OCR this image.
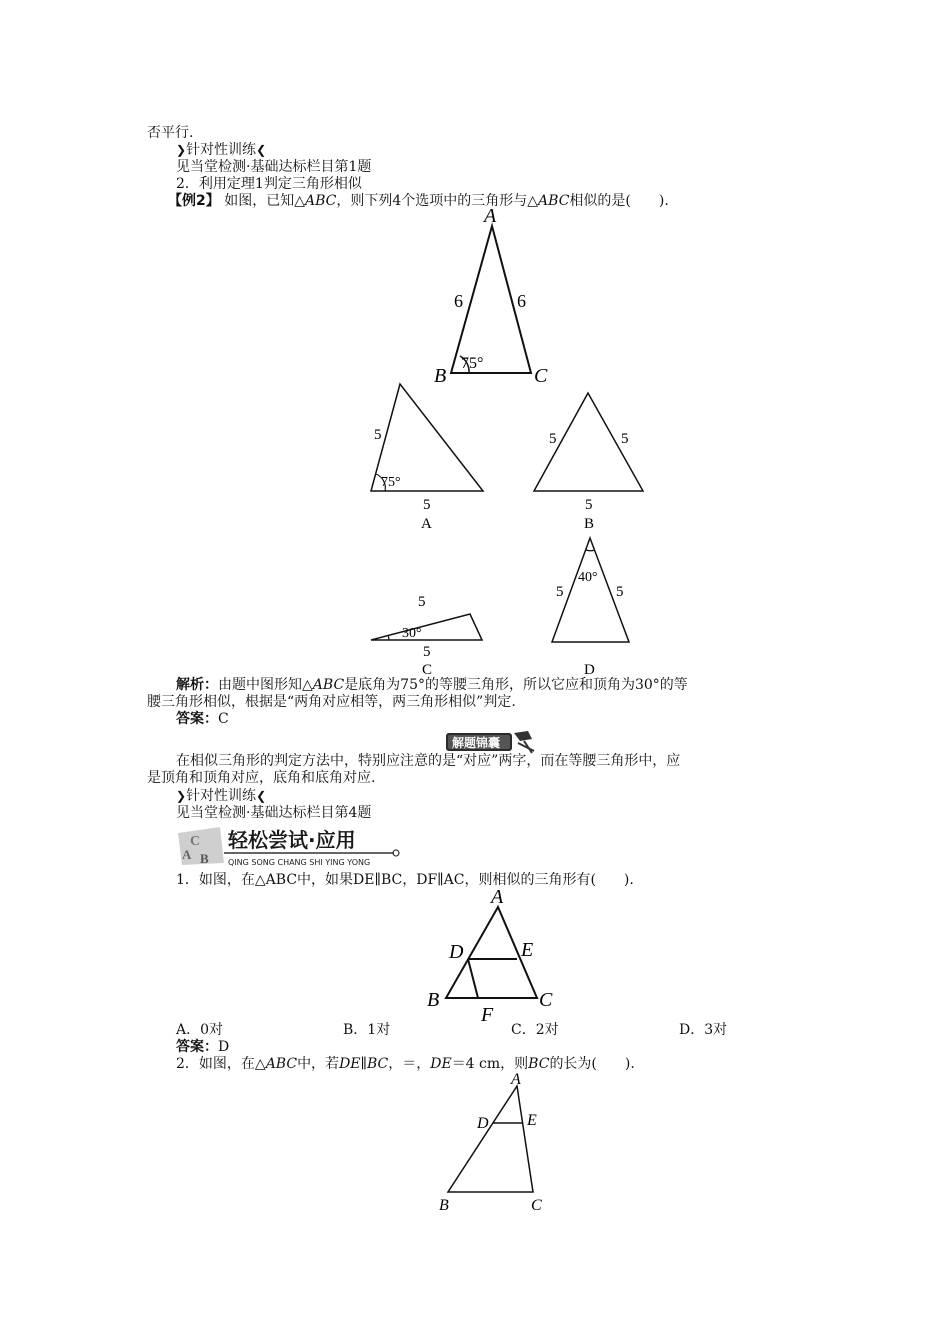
否平行.
❯针对性训练❮
见当堂检测·基础达标栏目第1题
2．利用定理1判定三角形相似
【例2】 如图，已知△ABC，则下列4个选项中的三角形与△ABC相似的是(　　).
A
B	C
6	6
75°
5
75°
5
A
5	5
5
B
5
30°
5
C
40°
5	5
D
解析：由题中图形知△ABC是底角为75°的等腰三角形，所以它应和顶角为30°的等
腰三角形相似，根据是“两角对应相等，两三角形相似”判定.
答案：C
解题锦囊
在相似三角形的判定方法中，特别应注意的是“对应”两字，而在等腰三角形中，应
是顶角和顶角对应，底角和底角对应.
❯针对性训练❮
见当堂检测·基础达标栏目第4题
C
A B
轻松尝试·应用
QING SONG CHANG SHI YING YONG
1．如图，在△ABC中，如果DE∥BC，DF∥AC，则相似的三角形有(　　).
A
D	E
B	C
F
A．0对	B．1对	C．2对	D．3对
答案：D
2．如图，在△ABC中，若DE∥BC，＝，DE＝4 cm，则BC的长为(　　).
A
D E
B	C
